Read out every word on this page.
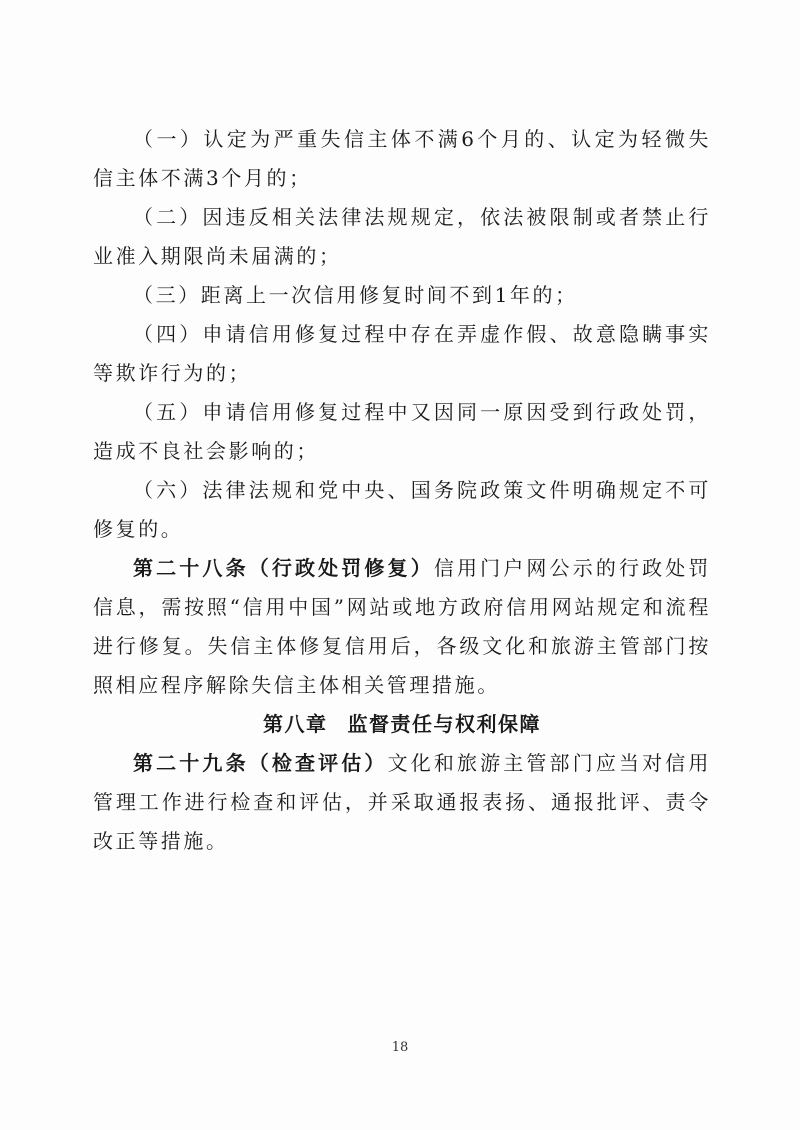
（一）认定为严重失信主体不满6个月的、认定为轻微失信主体不满3个月的；

（二）因违反相关法律法规规定，依法被限制或者禁止行业准入期限尚未届满的；

（三）距离上一次信用修复时间不到1年的；

（四）申请信用修复过程中存在弄虚作假、故意隐瞒事实等欺诈行为的；

（五）申请信用修复过程中又因同一原因受到行政处罚，造成不良社会影响的；

（六）法律法规和党中央、国务院政策文件明确规定不可修复的。

第二十八条（行政处罚修复）信用门户网公示的行政处罚信息，需按照“信用中国”网站或地方政府信用网站规定和流程进行修复。失信主体修复信用后，各级文化和旅游主管部门按照相应程序解除失信主体相关管理措施。

第八章 监督责任与权利保障

第二十九条（检查评估）文化和旅游主管部门应当对信用管理工作进行检查和评估，并采取通报表扬、通报批评、责令改正等措施。

18
